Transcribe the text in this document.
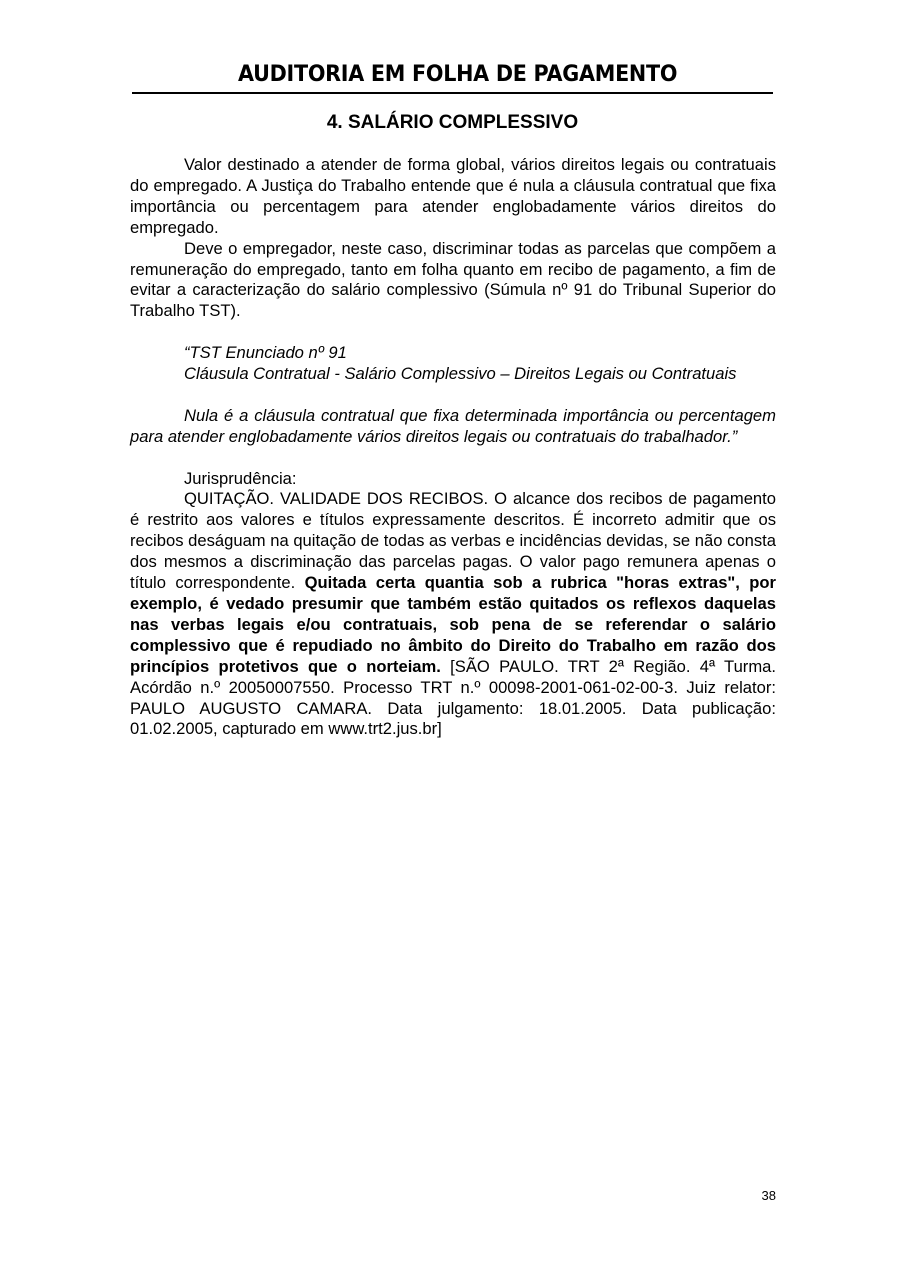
AUDITORIA EM FOLHA DE PAGAMENTO
4. SALÁRIO COMPLESSIVO

Valor destinado a atender de forma global, vários direitos legais ou contratuais do empregado. A Justiça do Trabalho entende que é nula a cláusula contratual que fixa importância ou percentagem para atender englobadamente vários direitos do empregado.

Deve o empregador, neste caso, discriminar todas as parcelas que compõem a remuneração do empregado, tanto em folha quanto em recibo de pagamento, a fim de evitar a caracterização do salário complessivo (Súmula nº 91 do Tribunal Superior do Trabalho TST).

“TST Enunciado nº 91

Cláusula Contratual - Salário Complessivo – Direitos Legais ou Contratuais

Nula é a cláusula contratual que fixa determinada importância ou percentagem para atender englobadamente vários direitos legais ou contratuais do trabalhador.”

Jurisprudência:

QUITAÇÃO. VALIDADE DOS RECIBOS. O alcance dos recibos de pagamento é restrito aos valores e títulos expressamente descritos. É incorreto admitir que os recibos deságuam na quitação de todas as verbas e incidências devidas, se não consta dos mesmos a discriminação das parcelas pagas. O valor pago remunera apenas o título correspondente. Quitada certa quantia sob a rubrica "horas extras", por exemplo, é vedado presumir que também estão quitados os reflexos daquelas nas verbas legais e/ou contratuais, sob pena de se referendar o salário complessivo que é repudiado no âmbito do Direito do Trabalho em razão dos princípios protetivos que o norteiam. [SÃO PAULO. TRT 2ª Região. 4ª Turma. Acórdão n.º 20050007550. Processo TRT n.º 00098-2001-061-02-00-3. Juiz relator: PAULO AUGUSTO CAMARA. Data julgamento: 18.01.2005. Data publicação: 01.02.2005, capturado em www.trt2.jus.br]

38
